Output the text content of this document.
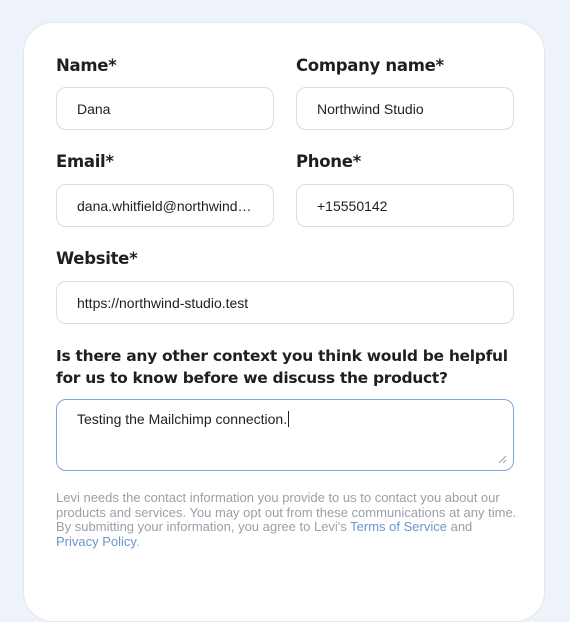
Name*
Dana	Company name*
Northwind Studio
Email*
dana.whitfield@northwind…	Phone*
+15550142
Website*
https://northwind-studio.test
Is there any other context you think would be helpful for us to know before we discuss the product?
Testing the Mailchimp connection.
Levi needs the contact information you provide to us to contact you about our products and services. You may opt out from these communications at any time. By submitting your information, you agree to Levi's Terms of Service and Privacy Policy.
